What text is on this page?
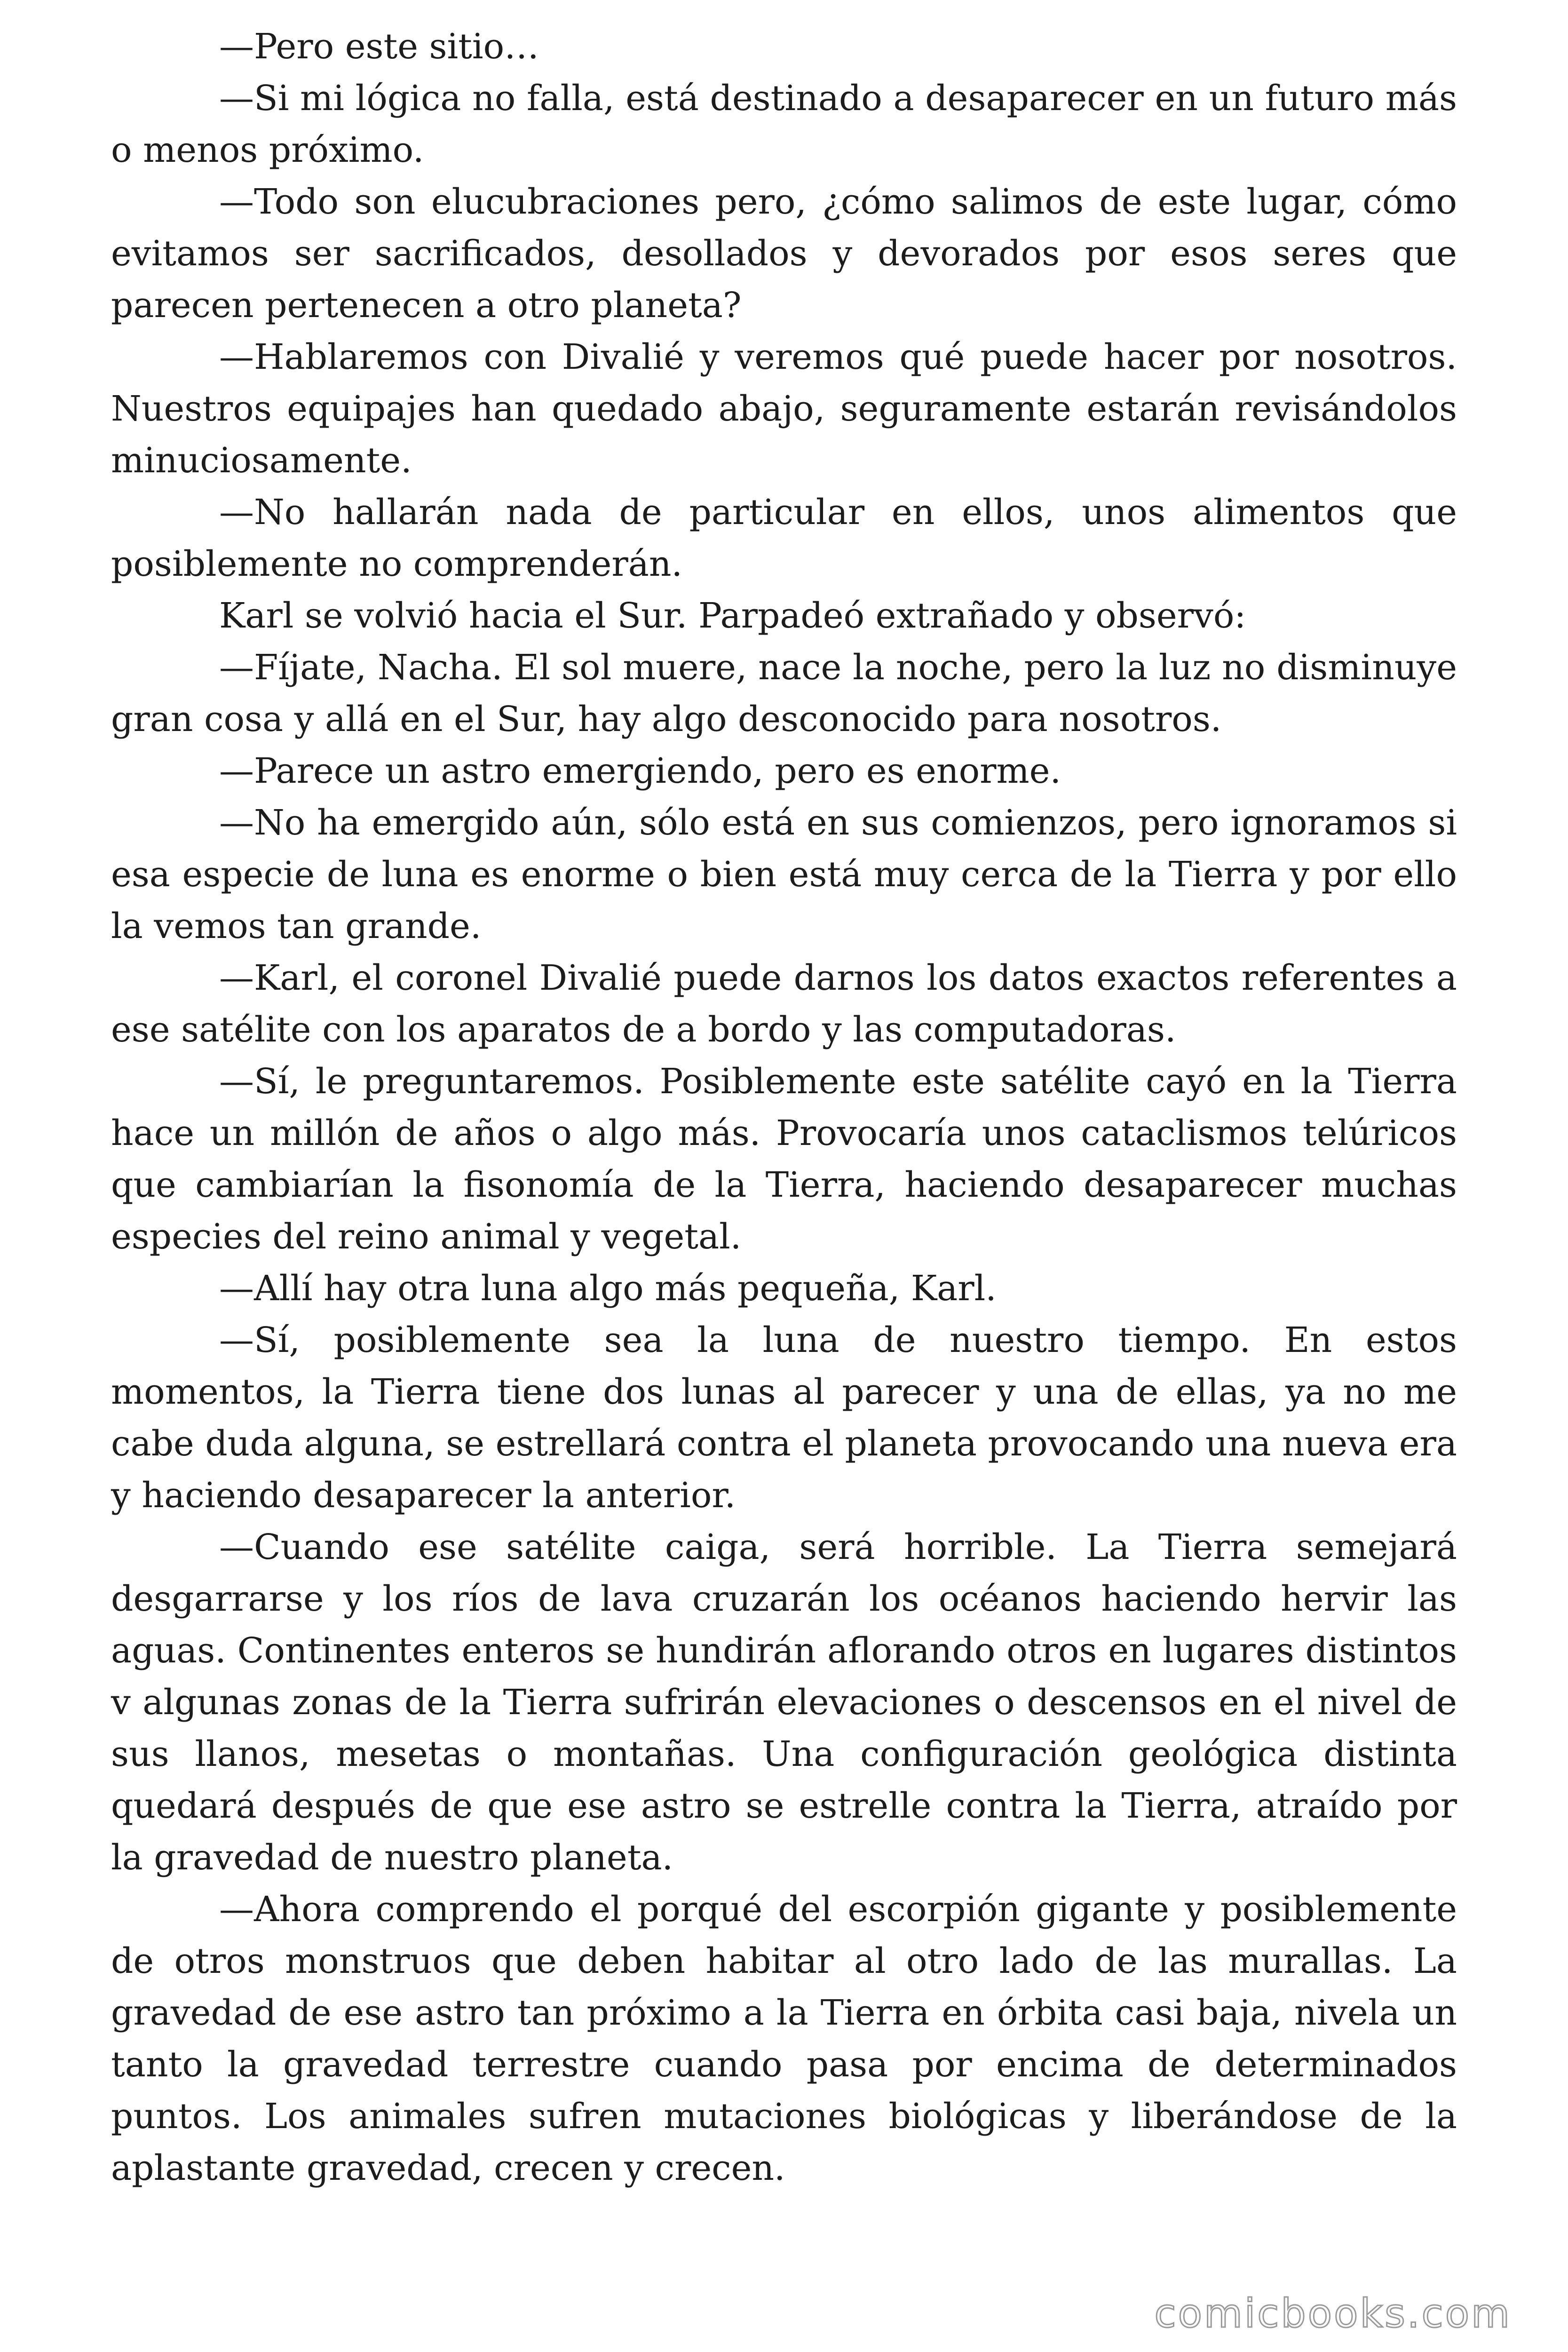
—Pero este sitio…

—Si mi lógica no falla, está destinado a desaparecer en un futuro más o menos próximo.

—Todo son elucubraciones pero, ¿cómo salimos de este lugar, cómo evitamos ser sacrificados, desollados y devorados por esos seres que parecen pertenecen a otro planeta?

—Hablaremos con Divalié y veremos qué puede hacer por nosotros. Nuestros equipajes han quedado abajo, seguramente estarán revisándolos minuciosamente.

—No hallarán nada de particular en ellos, unos alimentos que posiblemente no comprenderán.

Karl se volvió hacia el Sur. Parpadeó extrañado y observó:

—Fíjate, Nacha. El sol muere, nace la noche, pero la luz no disminuye gran cosa y allá en el Sur, hay algo desconocido para nosotros.

—Parece un astro emergiendo, pero es enorme.

—No ha emergido aún, sólo está en sus comienzos, pero ignoramos si esa especie de luna es enorme o bien está muy cerca de la Tierra y por ello la vemos tan grande.

—Karl, el coronel Divalié puede darnos los datos exactos referentes a ese satélite con los aparatos de a bordo y las computadoras.

—Sí, le preguntaremos. Posiblemente este satélite cayó en la Tierra hace un millón de años o algo más. Provocaría unos cataclismos telúricos que cambiarían la fisonomía de la Tierra, haciendo desaparecer muchas especies del reino animal y vegetal.

—Allí hay otra luna algo más pequeña, Karl.

—Sí, posiblemente sea la luna de nuestro tiempo. En estos momentos, la Tierra tiene dos lunas al parecer y una de ellas, ya no me cabe duda alguna, se estrellará contra el planeta provocando una nueva era y haciendo desaparecer la anterior.

—Cuando ese satélite caiga, será horrible. La Tierra semejará desgarrarse y los ríos de lava cruzarán los océanos haciendo hervir las aguas. Continentes enteros se hundirán aflorando otros en lugares distintos v algunas zonas de la Tierra sufrirán elevaciones o descensos en el nivel de sus llanos, mesetas o montañas. Una configuración geológica distinta quedará después de que ese astro se estrelle contra la Tierra, atraído por la gravedad de nuestro planeta.

—Ahora comprendo el porqué del escorpión gigante y posiblemente de otros monstruos que deben habitar al otro lado de las murallas. La gravedad de ese astro tan próximo a la Tierra en órbita casi baja, nivela un tanto la gravedad terrestre cuando pasa por encima de determinados puntos. Los animales sufren mutaciones biológicas y liberándose de la aplastante gravedad, crecen y crecen.

comicbooks.com
